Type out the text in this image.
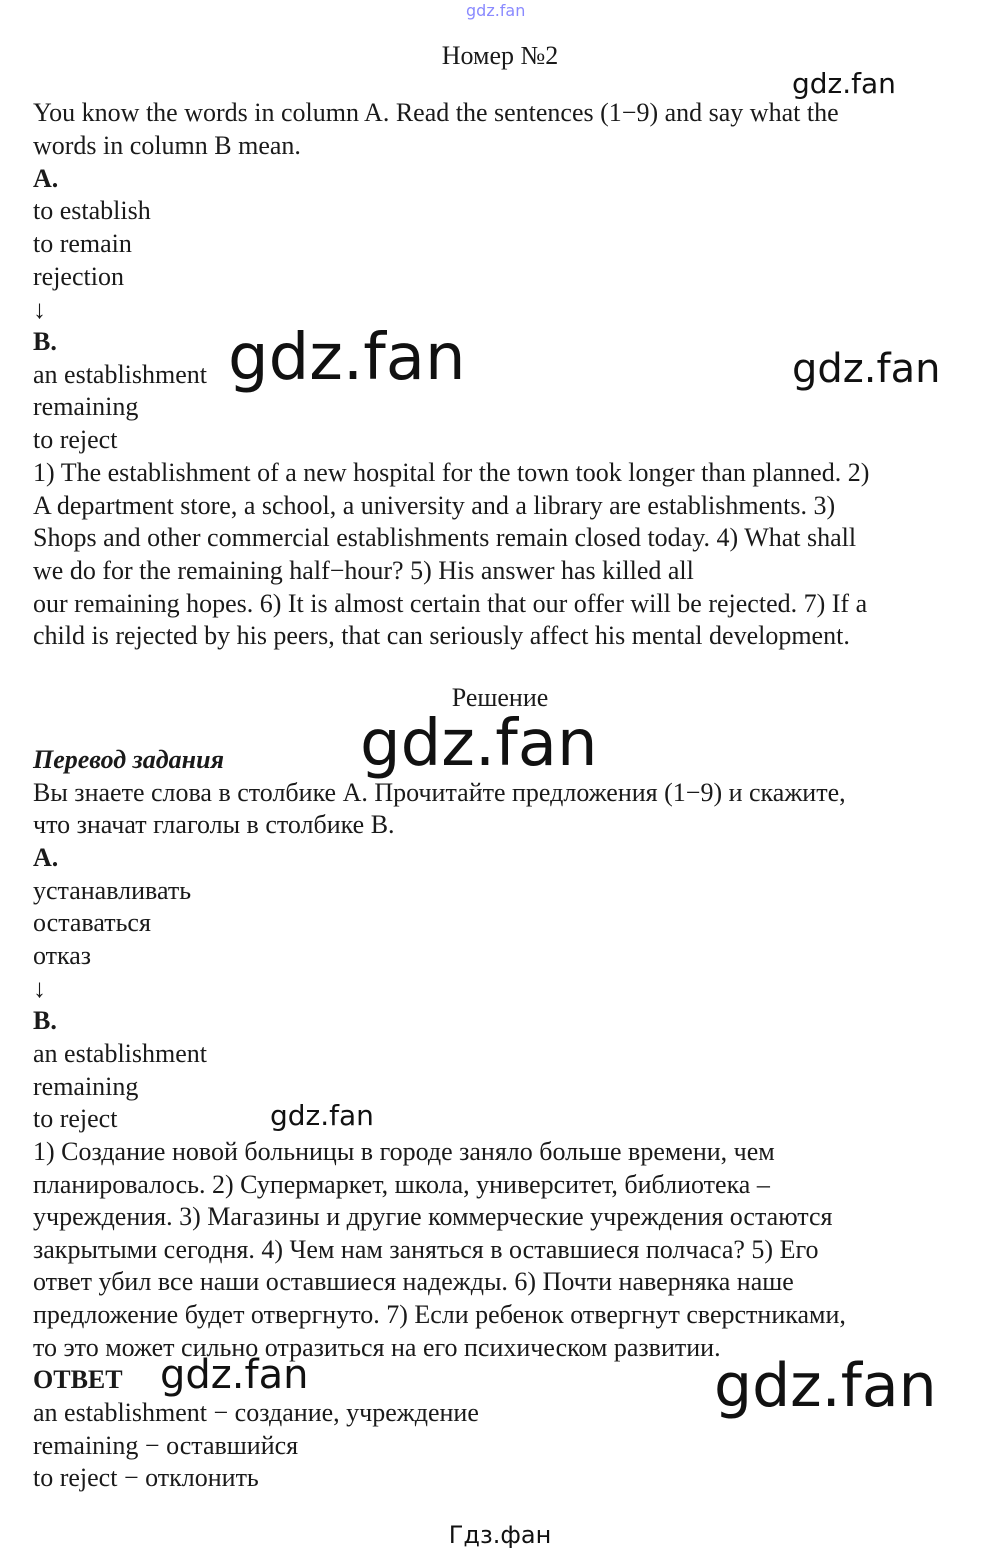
gdz.fan
Номер №2
You know the words in column A. Read the sentences (1−9) and say what the
words in column B mean.
A.
to establish
to remain
rejection
↓
B.
an establishment
remaining
to reject
1) The establishment of a new hospital for the town took longer than planned. 2)
A department store, a school, a university and a library are establishments. 3)
Shops and other commercial establishments remain closed today. 4) What shall
we do for the remaining half−hour? 5) His answer has killed all
our remaining hopes. 6) It is almost certain that our offer will be rejected. 7) If a
child is rejected by his peers, that can seriously affect his mental development.
Решение
Перевод задания
Вы знаете слова в столбике A. Прочитайте предложения (1−9) и скажите,
что значат глаголы в столбике B.
A.
устанавливать
оставаться
отказ
↓
B.
an establishment
remaining
to reject
1) Создание новой больницы в городе заняло больше времени, чем
планировалось. 2) Супермаркет, школа, университет, библиотека –
учреждения. 3) Магазины и другие коммерческие учреждения остаются
закрытыми сегодня. 4) Чем нам заняться в оставшиеся полчаса? 5) Его
ответ убил все наши оставшиеся надежды. 6) Почти наверняка наше
предложение будет отвергнуто. 7) Если ребенок отвергнут сверстниками,
то это может сильно отразиться на его психическом развитии.
ОТВЕТ
an establishment − создание, учреждение
remaining − оставшийся
to reject − отклонить
gdz.fan
gdz.fan	gdz.fan
gdz.fan
gdz.fan
gdz.fan	gdz.fan
Гдз.фан
